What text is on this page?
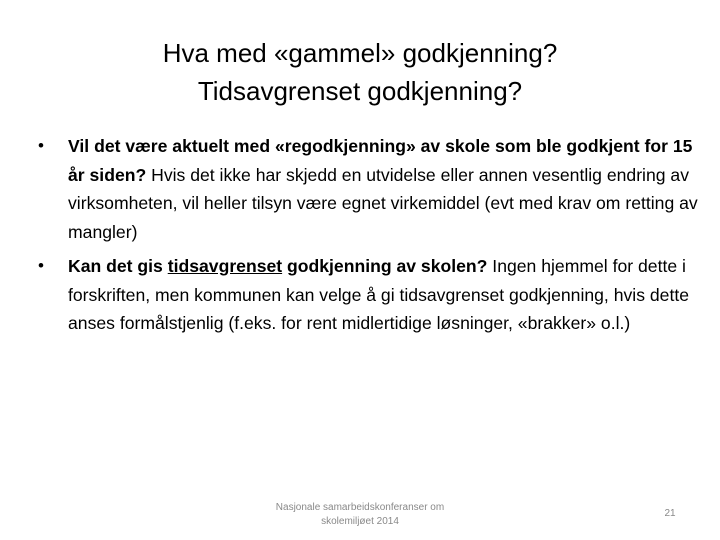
Hva med «gammel» godkjenning?
Tidsavgrenset godkjenning?
• Vil det være aktuelt med «regodkjenning» av skole som ble godkjent for 15 år siden? Hvis det ikke har skjedd en utvidelse eller annen vesentlig endring av virksomheten, vil heller tilsyn være egnet virkemiddel (evt med krav om retting av mangler)
• Kan det gis tidsavgrenset godkjenning av skolen? Ingen hjemmel for dette i forskriften, men kommunen kan velge å gi tidsavgrenset godkjenning, hvis dette anses formålstjenlig (f.eks. for rent midlertidige løsninger, «brakker» o.l.)
Nasjonale samarbeidskonferanser om
skolemiljøet 2014
21
